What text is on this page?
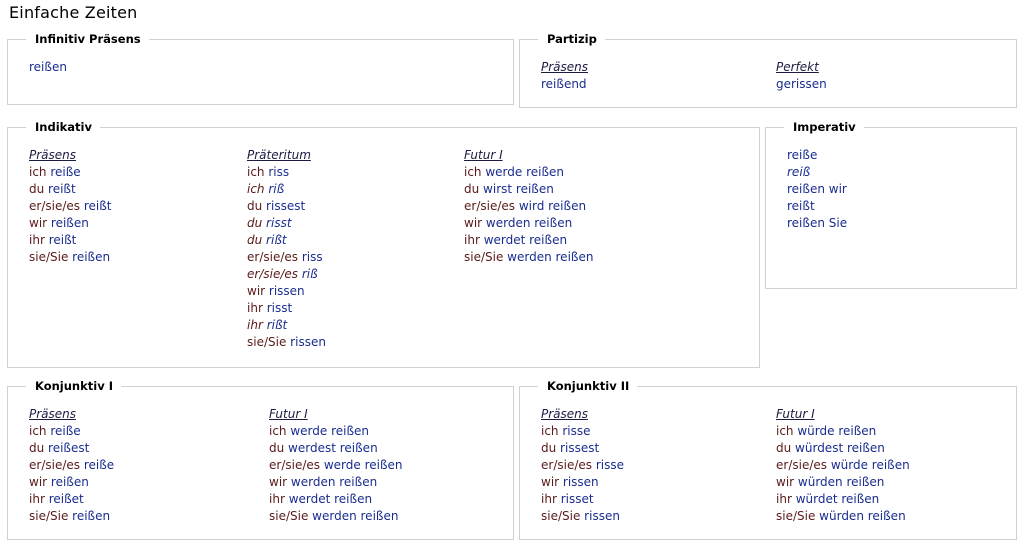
Einfache Zeiten
Infinitiv Präsens
reißen
Partizip
Präsens
reißend
Perfekt
gerissen
Indikativ
Präsens
ich reiße
du reißt
er/sie/es reißt
wir reißen
ihr reißt
sie/Sie reißen
Präteritum
ich riss
ich riß
du rissest
du risst
du rißt
er/sie/es riss
er/sie/es riß
wir rissen
ihr risst
ihr rißt
sie/Sie rissen
Futur I
ich werde reißen
du wirst reißen
er/sie/es wird reißen
wir werden reißen
ihr werdet reißen
sie/Sie werden reißen
Imperativ
reiße
reiß
reißen wir
reißt
reißen Sie
Konjunktiv I
Präsens
ich reiße
du reißest
er/sie/es reiße
wir reißen
ihr reißet
sie/Sie reißen
Futur I
ich werde reißen
du werdest reißen
er/sie/es werde reißen
wir werden reißen
ihr werdet reißen
sie/Sie werden reißen
Konjunktiv II
Präsens
ich risse
du rissest
er/sie/es risse
wir rissen
ihr risset
sie/Sie rissen
Futur I
ich würde reißen
du würdest reißen
er/sie/es würde reißen
wir würden reißen
ihr würdet reißen
sie/Sie würden reißen
